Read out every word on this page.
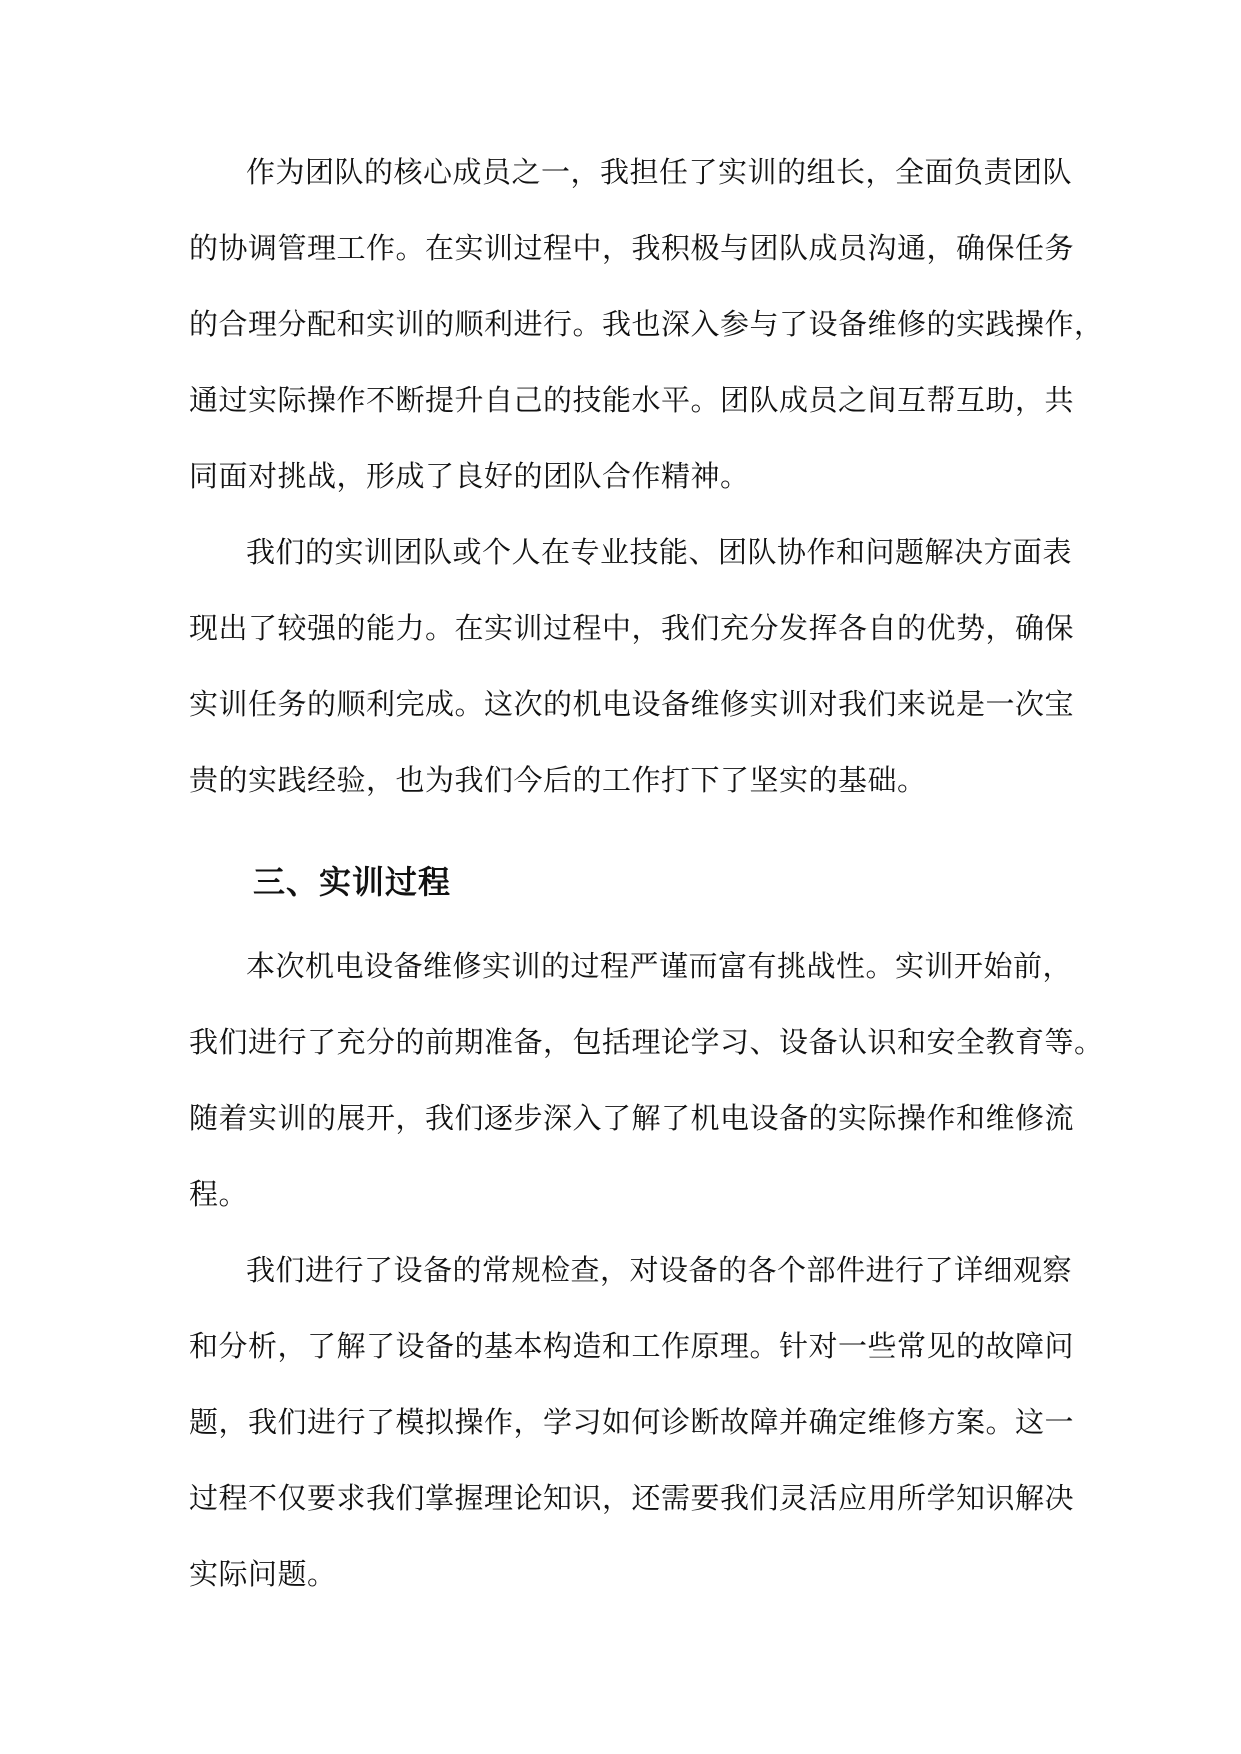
作为团队的核心成员之一，我担任了实训的组长，全面负责团队
的协调管理工作。在实训过程中，我积极与团队成员沟通，确保任务
的合理分配和实训的顺利进行。我也深入参与了设备维修的实践操作，
通过实际操作不断提升自己的技能水平。团队成员之间互帮互助，共
同面对挑战，形成了良好的团队合作精神。
我们的实训团队或个人在专业技能、团队协作和问题解决方面表
现出了较强的能力。在实训过程中，我们充分发挥各自的优势，确保
实训任务的顺利完成。这次的机电设备维修实训对我们来说是一次宝
贵的实践经验，也为我们今后的工作打下了坚实的基础。
三、实训过程
本次机电设备维修实训的过程严谨而富有挑战性。实训开始前，
我们进行了充分的前期准备，包括理论学习、设备认识和安全教育等。
随着实训的展开，我们逐步深入了解了机电设备的实际操作和维修流
程。
我们进行了设备的常规检查，对设备的各个部件进行了详细观察
和分析，了解了设备的基本构造和工作原理。针对一些常见的故障问
题，我们进行了模拟操作，学习如何诊断故障并确定维修方案。这一
过程不仅要求我们掌握理论知识，还需要我们灵活应用所学知识解决
实际问题。
